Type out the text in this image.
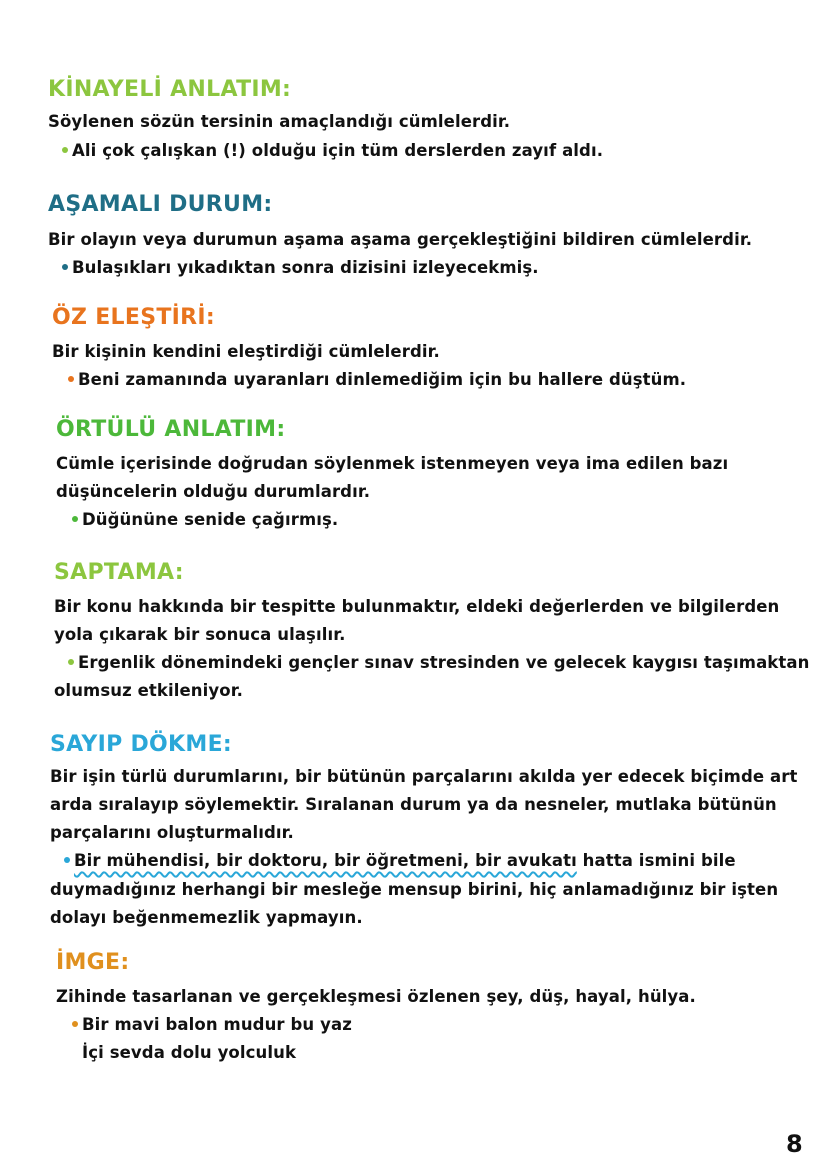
KİNAYELİ ANLATIM:
Söylenen sözün tersinin amaçlandığı cümlelerdir.
Ali çok çalışkan (!) olduğu için tüm derslerden zayıf aldı.
AŞAMALI DURUM:
Bir olayın veya durumun aşama aşama gerçekleştiğini bildiren cümlelerdir.
Bulaşıkları yıkadıktan sonra dizisini izleyecekmiş.
ÖZ ELEŞTİRİ:
Bir kişinin kendini eleştirdiği cümlelerdir.
Beni zamanında uyaranları dinlemediğim için bu hallere düştüm.
ÖRTÜLÜ ANLATIM:
Cümle içerisinde doğrudan söylenmek istenmeyen veya ima edilen bazı
düşüncelerin olduğu durumlardır.
Düğününe senide çağırmış.
SAPTAMA:
Bir konu hakkında bir tespitte bulunmaktır, eldeki değerlerden ve bilgilerden
yola çıkarak bir sonuca ulaşılır.
Ergenlik dönemindeki gençler sınav stresinden ve gelecek kaygısı taşımaktan
olumsuz etkileniyor.
SAYIP DÖKME:
Bir işin türlü durumlarını, bir bütünün parçalarını akılda yer edecek biçimde art
arda sıralayıp söylemektir. Sıralanan durum ya da nesneler, mutlaka bütünün
parçalarını oluşturmalıdır.
Bir mühendisi, bir doktoru, bir öğretmeni, bir avukatı hatta ismini bile
duymadığınız herhangi bir mesleğe mensup birini, hiç anlamadığınız bir işten
dolayı beğenmemezlik yapmayın.
İMGE:
Zihinde tasarlanan ve gerçekleşmesi özlenen şey, düş, hayal, hülya.
Bir mavi balon mudur bu yaz
İçi sevda dolu yolculuk
8
